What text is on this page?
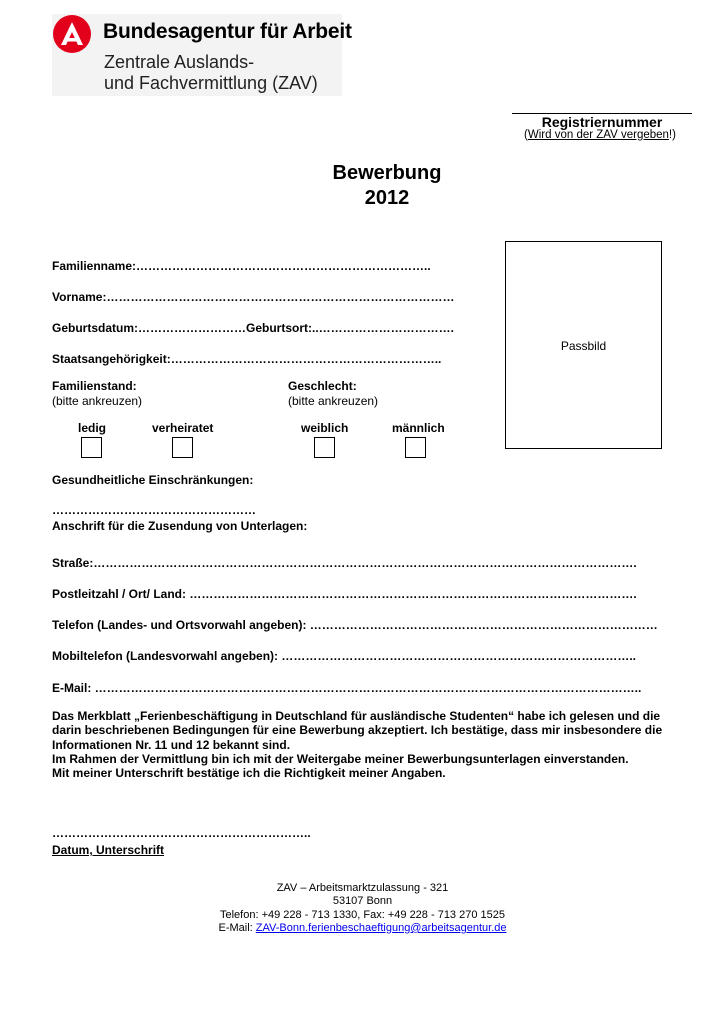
Bundesagentur für Arbeit
Zentrale Auslands-
und Fachvermittlung (ZAV)
Registriernummer
(Wird von der ZAV vergeben!)
Bewerbung
2012
Passbild
Familienname:………………………………………………………………..
Vorname:……………………………………………………………………………
Geburtsdatum:………………………Geburtsort:..…………………………….
Staatsangehörigkeit:…………………………………………………………..
Familienstand:
(bitte ankreuzen)
Geschlecht:
(bitte ankreuzen)
ledig	verheiratet	weiblich	männlich
Gesundheitliche Einschränkungen:
……………………………………………
Anschrift für die Zusendung von Unterlagen:
Straße:……………………………………………………………………………………………………………………….
Postleitzahl / Ort/ Land: ………………………………………………………………………………………………….
Telefon (Landes- und Ortsvorwahl angeben): ……………………………………………………………………………
Mobiltelefon (Landesvorwahl angeben): ……………………………………………………………………………..
E-Mail: ………………………………………………………………………………………………………………………..
Das Merkblatt „Ferienbeschäftigung in Deutschland für ausländische Studenten“ habe ich gelesen und die
darin beschriebenen Bedingungen für eine Bewerbung akzeptiert. Ich bestätige, dass mir insbesondere die
Informationen Nr. 11 und 12 bekannt sind.
Im Rahmen der Vermittlung bin ich mit der Weitergabe meiner Bewerbungsunterlagen einverstanden.
Mit meiner Unterschrift bestätige ich die Richtigkeit meiner Angaben.
………………………………………………………..
Datum, Unterschrift
ZAV – Arbeitsmarktzulassung - 321
53107 Bonn
Telefon: +49 228 - 713 1330, Fax: +49 228 - 713 270 1525
E-Mail: ZAV-Bonn.ferienbeschaeftigung@arbeitsagentur.de
